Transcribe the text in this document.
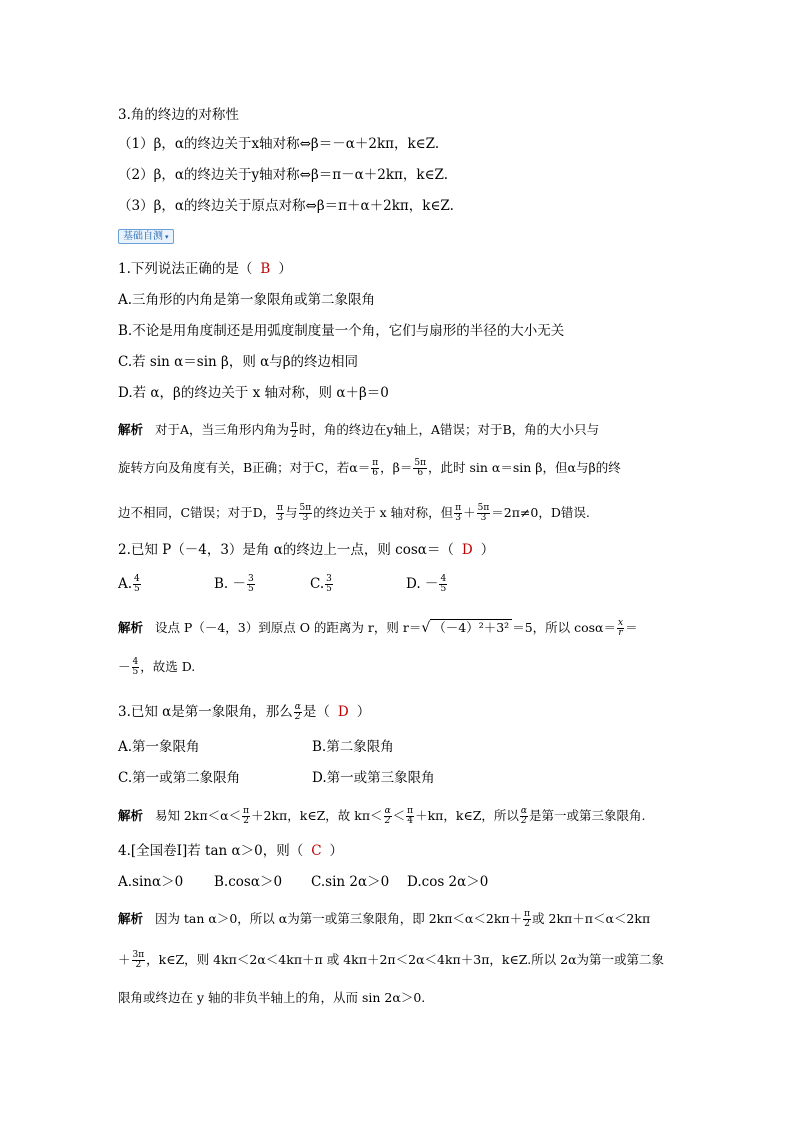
3.角的终边的对称性
（1）β，α的终边关于x轴对称⇔β＝－α＋2kπ，k∈Z.
（2）β，α的终边关于y轴对称⇔β＝π－α＋2kπ，k∈Z.
（3）β，α的终边关于原点对称⇔β＝π＋α＋2kπ，k∈Z.
基础自测 ▾
1.下列说法正确的是（ B ）
A.三角形的内角是第一象限角或第二象限角
B.不论是用角度制还是用弧度制度量一个角，它们与扇形的半径的大小无关
C.若 sin α＝sin β，则 α与β的终边相同
D.若 α，β的终边关于 x 轴对称，则 α＋β＝0
解析 对于A，当三角形内角为 $\frac{\pi}{2}$ 时，角的终边在y轴上，A错误；对于B，角的大小只与
旋转方向及角度有关，B正确；对于C，若$\alpha= \frac{\pi}{6}$ ，$\beta= \frac{5\pi}{6}$ ，此时 sin α＝sin β，但α与β的终
边不相同，C错误；对于D， $\frac{\pi}{3}$ 与 $\frac{5\pi}{3}$ 的终边关于 x 轴对称，但 $\frac{\pi}{3} + \frac{5\pi}{3} =2\pi\ne 0$，D错误.
2.已知 P（－4，3）是角 α的终边上一点，则 cosα＝（ D ）
A. $\frac{4}{5}$	B. － $\frac{3}{5}$	C. $\frac{3}{5}$	D. － $\frac{4}{5}$
解析 设点 P（－4，3）到原点 O 的距离为 r，则 r＝√ （－4）²＋3² ＝5，所以 $\cos\alpha= \frac{x}{r}$ ＝
－ $\frac{4}{5}$ ，故选 D.
3.已知 α是第一象限角，那么 $\frac{\alpha}{2}$ 是（ D ）
A.第一象限角	B.第二象限角
C.第一或第二象限角	D.第一或第三象限角
解析 易知 $2k\pi<\alpha< \frac{\pi}{2} +2k\pi$，k∈Z，故 $k\pi< \frac{\alpha}{2} < \frac{\pi}{4} +k\pi$，k∈Z，所以 $\frac{\alpha}{2}$ 是第一或第三象限角.
4.[全国卷Ⅰ]若 tan α＞0，则（ C ）
A.sinα＞0 B.cosα＞0 C.sin 2α＞0 D.cos 2α＞0
解析 因为 tan α＞0，所以 α为第一或第三象限角，即 $2k\pi<\alpha<2k\pi+ \frac{\pi}{2}$ 或 2kπ＋π＜α＜2kπ
＋ $\frac{3\pi}{2}$ ，k∈Z，则 4kπ＜2α＜4kπ＋π 或 4kπ＋2π＜2α＜4kπ＋3π，k∈Z.所以 2α为第一或第二象
限角或终边在 y 轴的非负半轴上的角，从而 sin 2α＞0.
